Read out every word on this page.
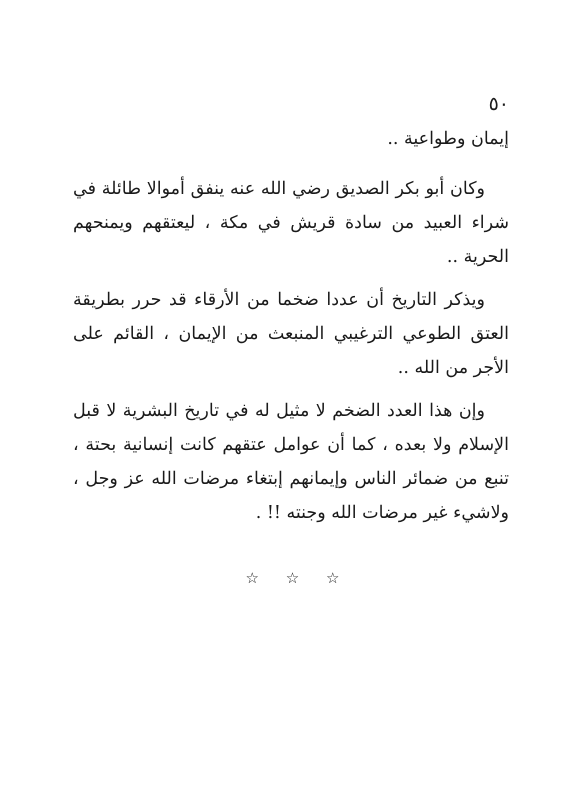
٥٠
إيمان وطواعية ..
وكان أبو بكر الصديق رضي الله عنه ينفق أموالا طائلة في شراء العبيد من سادة قريش في مكة ، ليعتقهم ويمنحهم الحرية ..
ويذكر التاريخ أن عددا ضخما من الأرقاء قد حرر بطريقة العتق الطوعي الترغيبي المنبعث من الإيمان ، القائم على الأجر من الله ..
وإن هذا العدد الضخم لا مثيل له في تاريخ البشرية لا قبل الإسلام ولا بعده ، كما أن عوامل عتقهم كانت إنسانية بحتة ، تنبع من ضمائر الناس وإيمانهم إبتغاء مرضات الله عز وجل ، ولاشيء غير مرضات الله وجنته !! .
☆ ☆ ☆
